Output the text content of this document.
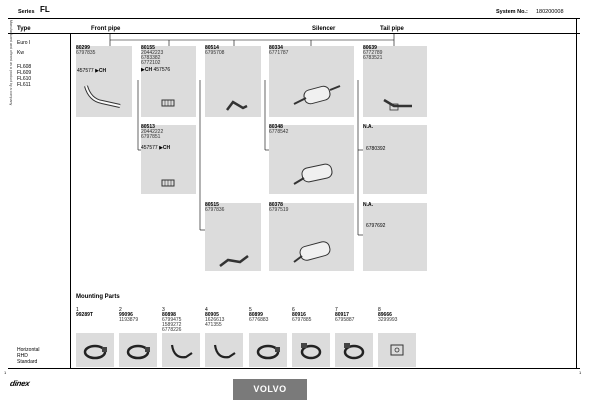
Series FL	System No.: 180200008
Type	Front pipe	Silencer	Tail pipe
Euro I
Kw
FL608
FL609
FL610
FL611
Manufactured and offered as a product by a company
Horizontal
RHD
Standard
80299
6797835
457577 ▶CH
80155
20442223
6783382
6772102
▶CH 457576
80514
6795708
80334
6771787
80639
6772789
6783521
80513
20442222
6797851
457577 ▶CH
80348
6778542
N.A.
6780392
80515
6797836
80378
6797519
N.A.
6797692
Mounting Parts
1
99289T
2
99096
1193879
3
80898
6799475
1589272
6778226
4
80905
1626613
471355
5
80899
6776883
6
80916
6797885
7
80917
6795887
8
89666
3299993
1	1
dinex
VOLVO
